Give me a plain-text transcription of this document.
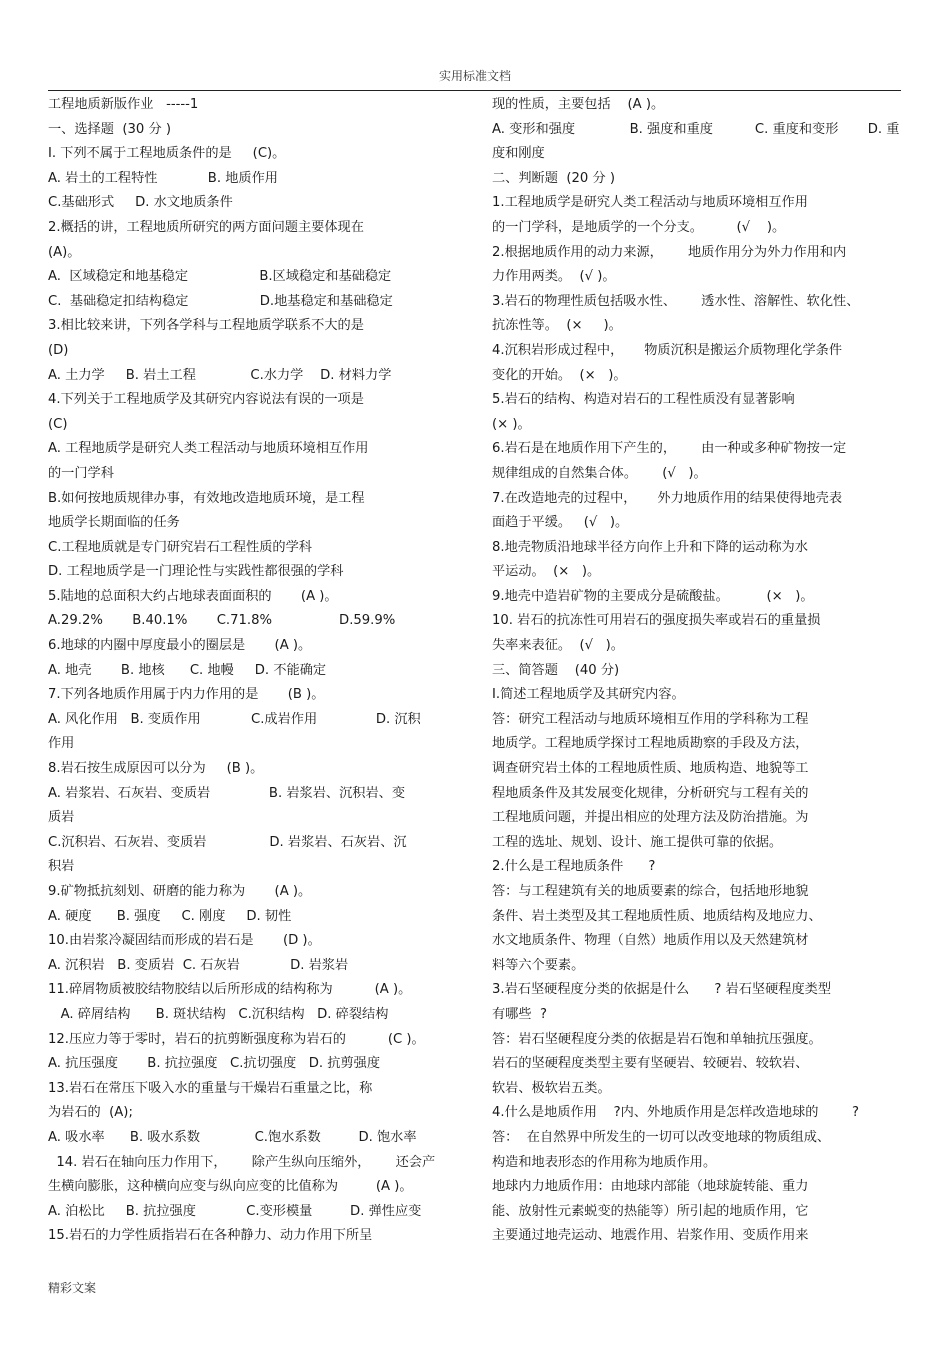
实用标准文档
工程地质新版作业   -----1
一、选择题  (30 分 )
I. 下列不属于工程地质条件的是     (C)。
A. 岩土的工程特性            B. 地质作用
C.基础形式     D. 水文地质条件
2.概括的讲，工程地质所研究的两方面问题主要体现在
(A)。
A.  区域稳定和地基稳定                 B.区域稳定和基础稳定
C.  基础稳定扣结构稳定                 D.地基稳定和基础稳定
3.相比较来讲，下列各学科与工程地质学联系不大的是
(D)
A. 土力学     B. 岩土工程             C.水力学    D. 材料力学
4.下列关于工程地质学及其研究内容说法有误的一项是
(C)
A. 工程地质学是研究人类工程活动与地质环境相互作用
的一门学科
B.如何按地质规律办事，有效地改造地质环境，是工程
地质学长期面临的任务
C.工程地质就是专门研究岩石工程性质的学科
D. 工程地质学是一门理论性与实践性都很强的学科
5.陆地的总面积大约占地球表面面积的       (A )。
A.29.2%       B.40.1%       C.71.8%                D.59.9%
6.地球的内圈中厚度最小的圈层是       (A )。
A. 地壳       B. 地核      C. 地幔     D. 不能确定
7.下列各地质作用属于内力作用的是       (B )。
A. 风化作用   B. 变质作用            C.成岩作用              D. 沉积
作用
8.岩石按生成原因可以分为     (B )。
A. 岩浆岩、石灰岩、变质岩              B. 岩浆岩、沉积岩、变
质岩
C.沉积岩、石灰岩、变质岩               D. 岩浆岩、石灰岩、沉
积岩
9.矿物抵抗刻划、研磨的能力称为       (A )。
A. 硬度      B. 强度     C. 刚度     D. 韧性
10.由岩浆冷凝固结而形成的岩石是       (D )。
A. 沉积岩   B. 变质岩  C. 石灰岩            D. 岩浆岩
11.碎屑物质被胶结物胶结以后所形成的结构称为          (A )。
A. 碎屑结构      B. 斑状结构   C.沉积结构   D. 碎裂结构
12.压应力等于零时，岩石的抗剪断强度称为岩石的          (C )。
A. 抗压强度       B. 抗拉强度   C.抗切强度   D. 抗剪强度
13.岩石在常压下吸入水的重量与干燥岩石重量之比，称
为岩石的  (A);
A. 吸水率      B. 吸水系数             C.饱水系数         D. 饱水率
14. 岩石在轴向压力作用下，      除产生纵向压缩外，      还会产
生横向膨胀，这种横向应变与纵向应变的比值称为         (A )。
A. 泊松比     B. 抗拉强度            C.变形模量         D. 弹性应变
15.岩石的力学性质指岩石在各种静力、动力作用下所呈
现的性质，主要包括    (A )。
A. 变形和强度             B. 强度和重度          C. 重度和变形       D. 重
度和刚度
二、判断题  (20 分 )
1.工程地质学是研究人类工程活动与地质环境相互作用
的一门学科，是地质学的一个分支。        (√    )。
2.根据地质作用的动力来源，      地质作用分为外力作用和内
力作用两类。  (√ )。
3.岩石的物理性质包括吸水性、      透水性、溶解性、软化性、
抗冻性等。  (×     )。
4.沉积岩形成过程中，     物质沉积是搬运介质物理化学条件
变化的开始。  (×   )。
5.岩石的结构、构造对岩石的工程性质没有显著影响
(× )。
6.岩石是在地质作用下产生的，      由一种或多种矿物按一定
规律组成的自然集合体。      (√   )。
7.在改造地壳的过程中，     外力地质作用的结果使得地壳表
面趋于平缓。   (√   )。
8.地壳物质沿地球半径方向作上升和下降的运动称为水
平运动。  (×   )。
9.地壳中造岩矿物的主要成分是硫酸盐。         (×   )。
10. 岩石的抗冻性可用岩石的强度损失率或岩石的重量损
失率来表征。  (√   )。
三、简答题    (40 分)
I.简述工程地质学及其研究内容。
答：研究工程活动与地质环境相互作用的学科称为工程
地质学。工程地质学探讨工程地质勘察的手段及方法，
调查研究岩土体的工程地质性质、地质构造、地貌等工
程地质条件及其发展变化规律，分析研究与工程有关的
工程地质问题，并提出相应的处理方法及防治措施。为
工程的选址、规划、设计、施工提供可靠的依据。
2.什么是工程地质条件      ?
答：与工程建筑有关的地质要素的综合，包括地形地貌
条件、岩土类型及其工程地质性质、地质结构及地应力、
水文地质条件、物理（自然）地质作用以及天然建筑材
料等六个要素。
3.岩石坚硬程度分类的依据是什么      ? 岩石坚硬程度类型
有哪些  ?
答：岩石坚硬程度分类的依据是岩石饱和单轴抗压强度。
岩石的坚硬程度类型主要有坚硬岩、较硬岩、较软岩、
软岩、极软岩五类。
4.什么是地质作用    ?内、外地质作用是怎样改造地球的        ?
答：  在自然界中所发生的一切可以改变地球的物质组成、
构造和地表形态的作用称为地质作用。
地球内力地质作用：由地球内部能（地球旋转能、重力
能、放射性元素蜕变的热能等）所引起的地质作用，它
主要通过地壳运动、地震作用、岩浆作用、变质作用来
精彩文案
